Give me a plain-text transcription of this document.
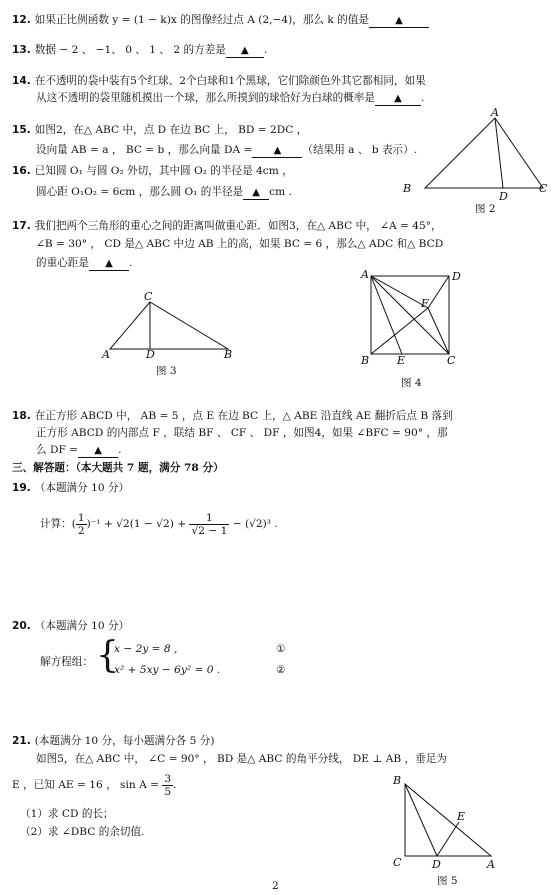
12. 如果正比例函数 y = (1 − k)x 的图像经过点 A (2,−4)，那么 k 的值是	▲
13. 数据 − 2 、 −1、 0 、 1 、 2 的方差是 ▲ .
14. 在不透明的袋中装有5个红球、2个白球和1个黑球，它们除颜色外其它都相同，如果
从这不透明的袋里随机摸出一个球，那么所摸到的球恰好为白球的概率是 ▲ .
15. 如图2，在△ ABC 中，点 D 在边 BC 上， BD = 2DC ，
设向量 AB = a ， BC = b ，那么向量 DA = ▲ （结果用 a 、 b 表示）.
16. 已知圆 O₁ 与圆 O₂ 外切，其中圆 O₂ 的半径是 4cm ，
圆心距 O₁O₂ = 6cm ，那么圆 O₁ 的半径是 ▲ cm .
A
B	C
D
图 2
17. 我们把两个三角形的重心之间的距离叫做重心距．如图3，在△ ABC 中， ∠A = 45°，
∠B = 30° ， CD 是△ ABC 中边 AB 上的高，如果 BC = 6 ，那么△ ADC 和△ BCD
的重心距是 ▲ .
C
A	D	B
图 3
A	D
F
B	E	C
图 4
18. 在正方形 ABCD 中， AB = 5 ，点 E 在边 BC 上，△ ABE 沿直线 AE 翻折后点 B 落到
正方形 ABCD 的内部点 F ，联结 BF 、 CF 、 DF ，如图4，如果 ∠BFC = 90° ，那
么 DF = ▲ .
三、解答题：（本大题共 7 题，满分 78 分）
19. （本题满分 10 分）
计算：( $\frac{1}{2} )^{-1} + √2(1 - √2) + \frac{1}{√2 - 1} - (√2)^3$ .
20. （本题满分 10 分）
解方程组： {
x − 2y = 8 ,
x² + 5xy − 6y² = 0 .
①
②
21. (本题满分 10 分，每小题满分各 5 分)
如图5，在△ ABC 中， ∠C = 90° ， BD 是△ ABC 的角平分线， DE ⊥ AB ，垂足为
E ，已知 AE = 16 ， $\sin A = \frac{3}{5}$ .
（1）求 CD 的长；
（2）求 ∠DBC 的余切值.
B
E
C	D	A
图 5
2
